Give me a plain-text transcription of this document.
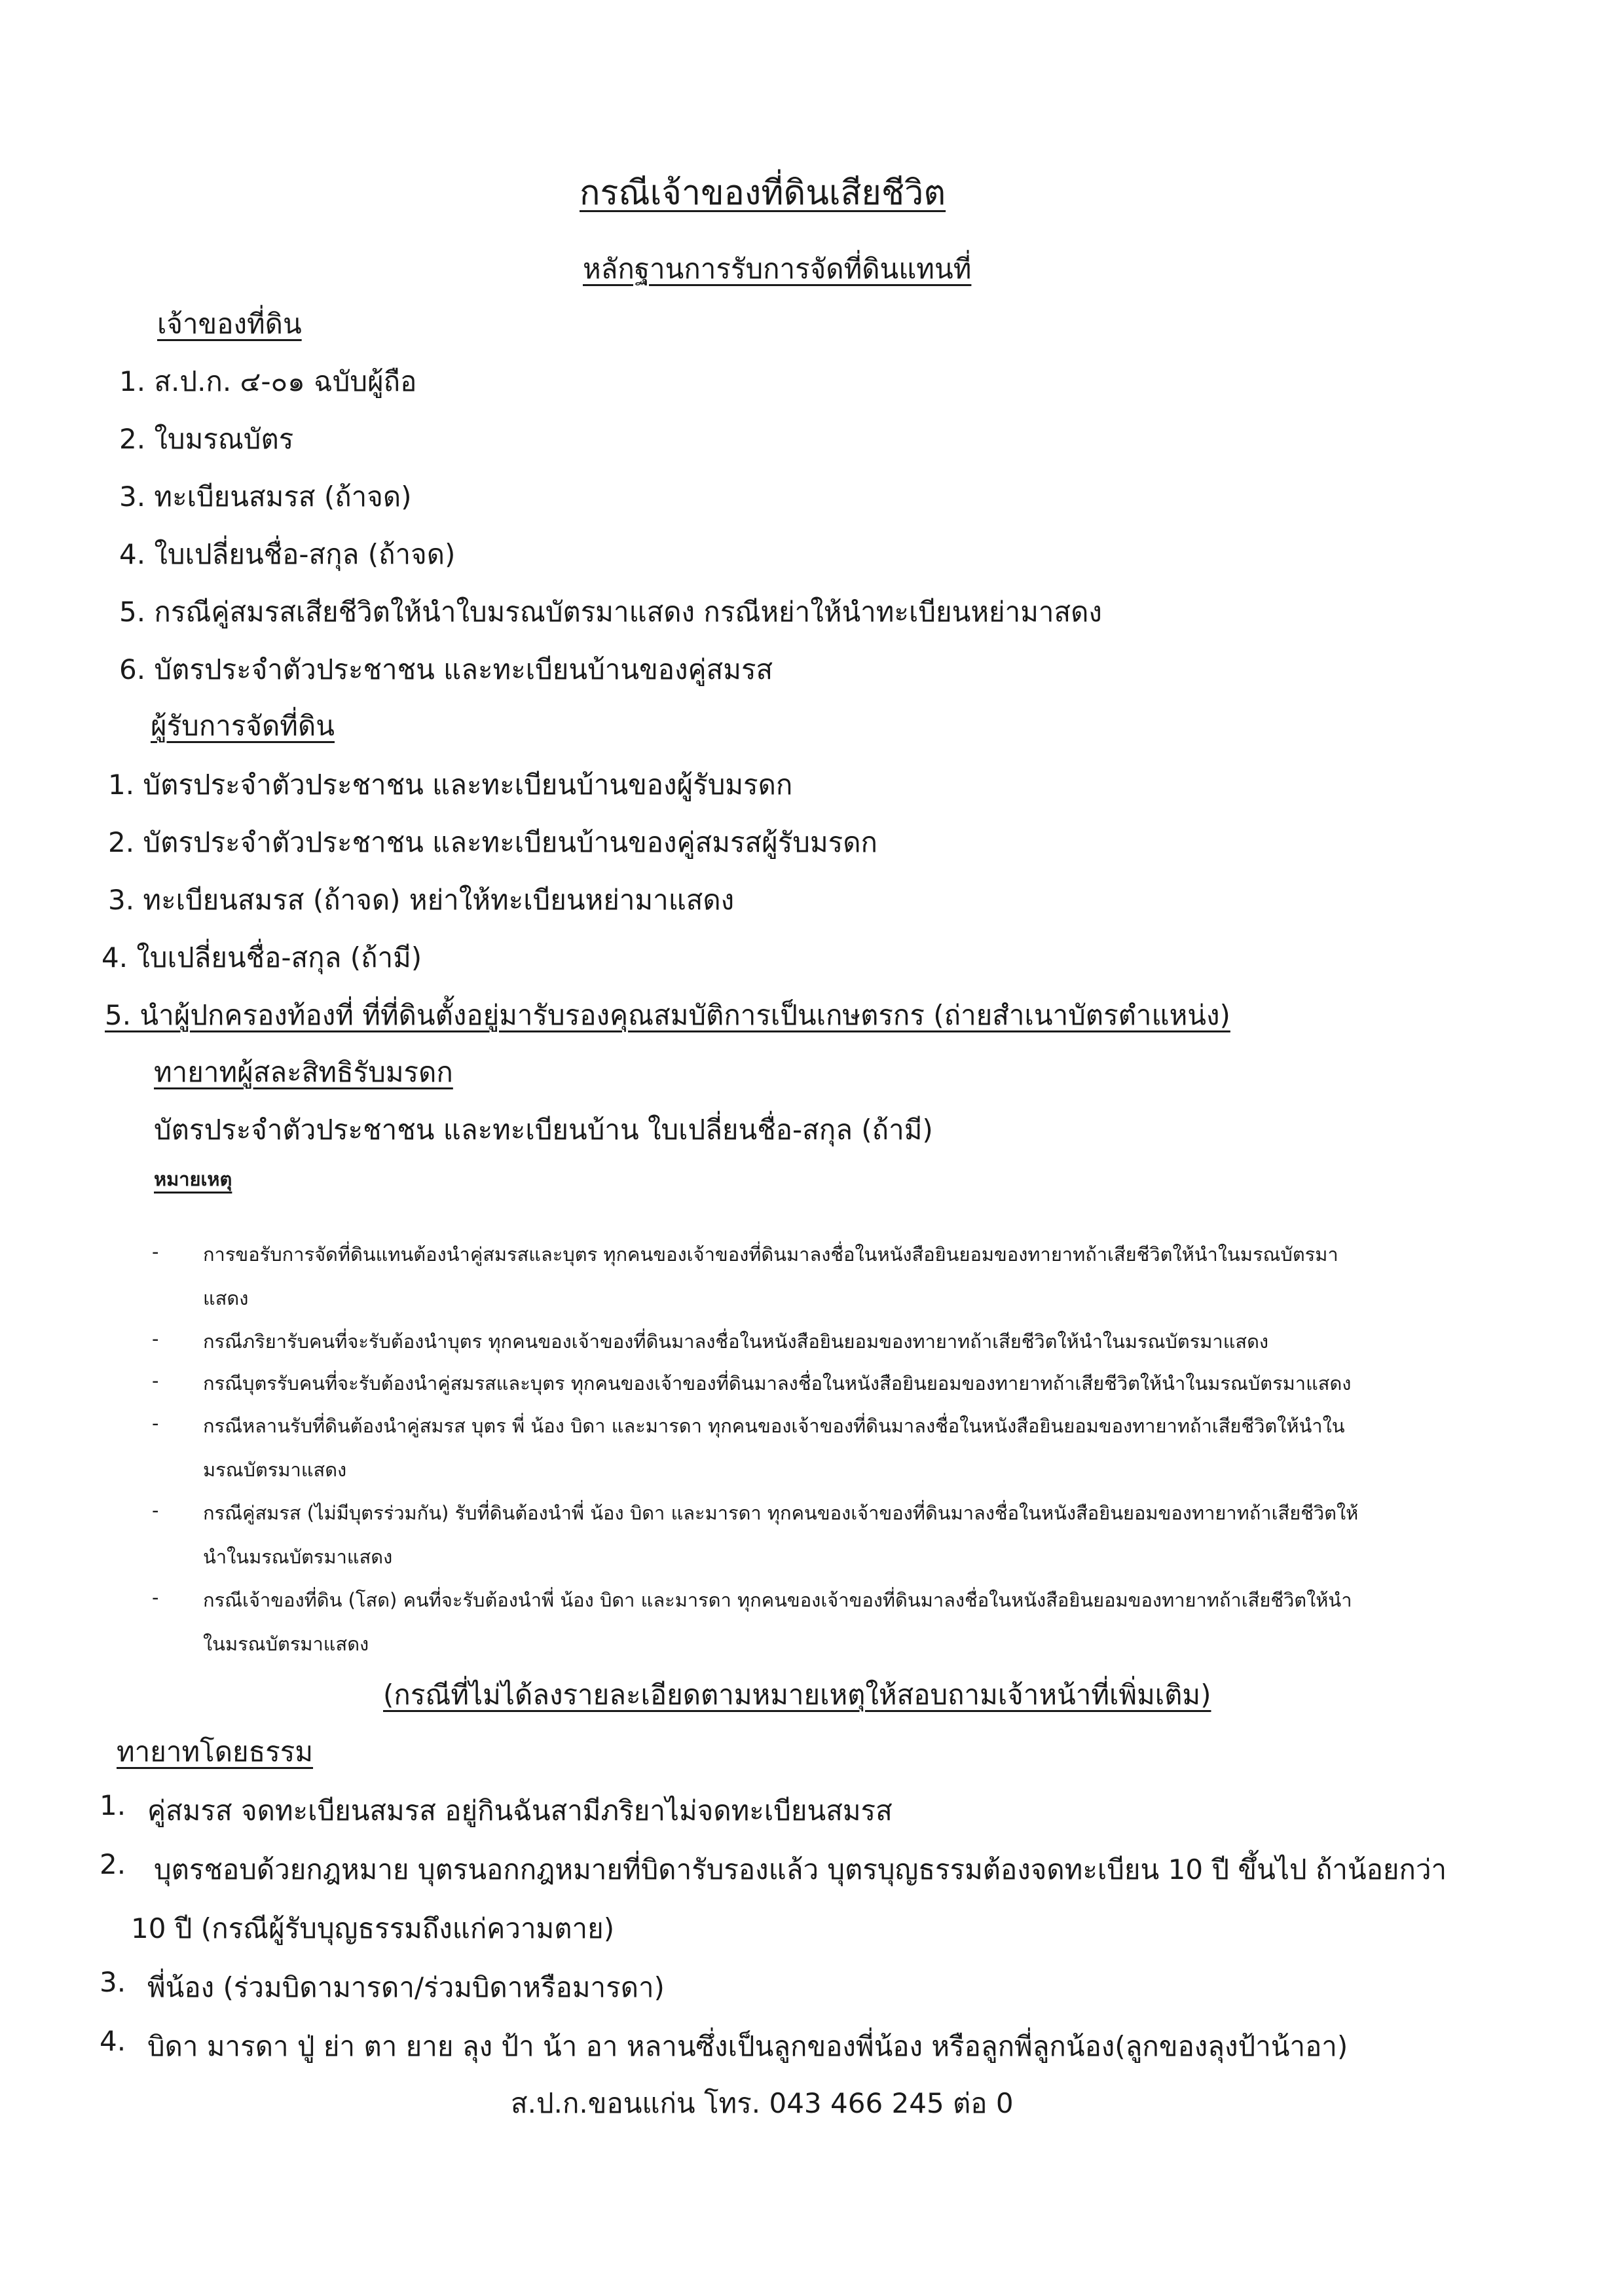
กรณีเจ้าของที่ดินเสียชีวิต
หลักฐานการรับการจัดที่ดินแทนที่
เจ้าของที่ดิน
1. ส.ป.ก. ๔-๐๑ ฉบับผู้ถือ
2. ใบมรณบัตร
3. ทะเบียนสมรส (ถ้าจด)
4. ใบเปลี่ยนชื่อ-สกุล (ถ้าจด)
5. กรณีคู่สมรสเสียชีวิตให้นำใบมรณบัตรมาแสดง กรณีหย่าให้นำทะเบียนหย่ามาสดง
6. บัตรประจำตัวประชาชน และทะเบียนบ้านของคู่สมรส
ผู้รับการจัดที่ดิน
1. บัตรประจำตัวประชาชน และทะเบียนบ้านของผู้รับมรดก
2. บัตรประจำตัวประชาชน และทะเบียนบ้านของคู่สมรสผู้รับมรดก
3. ทะเบียนสมรส (ถ้าจด) หย่าให้ทะเบียนหย่ามาแสดง
4. ใบเปลี่ยนชื่อ-สกุล (ถ้ามี)
5. นำผู้ปกครองท้องที่ ที่ที่ดินตั้งอยู่มารับรองคุณสมบัติการเป็นเกษตรกร (ถ่ายสำเนาบัตรตำแหน่ง)
ทายาทผู้สละสิทธิรับมรดก
บัตรประจำตัวประชาชน และทะเบียนบ้าน ใบเปลี่ยนชื่อ-สกุล (ถ้ามี)
หมายเหตุ
- การขอรับการจัดที่ดินแทนต้องนำคู่สมรสและบุตร ทุกคนของเจ้าของที่ดินมาลงชื่อในหนังสือยินยอมของทายาทถ้าเสียชีวิตให้นำในมรณบัตรมา
แสดง
- กรณีภริยารับคนที่จะรับต้องนำบุตร ทุกคนของเจ้าของที่ดินมาลงชื่อในหนังสือยินยอมของทายาทถ้าเสียชีวิตให้นำในมรณบัตรมาแสดง
- กรณีบุตรรับคนที่จะรับต้องนำคู่สมรสและบุตร ทุกคนของเจ้าของที่ดินมาลงชื่อในหนังสือยินยอมของทายาทถ้าเสียชีวิตให้นำในมรณบัตรมาแสดง
- กรณีหลานรับที่ดินต้องนำคู่สมรส บุตร พี่ น้อง บิดา และมารดา ทุกคนของเจ้าของที่ดินมาลงชื่อในหนังสือยินยอมของทายาทถ้าเสียชีวิตให้นำใน
มรณบัตรมาแสดง
- กรณีคู่สมรส (ไม่มีบุตรร่วมกัน) รับที่ดินต้องนำพี่ น้อง บิดา และมารดา ทุกคนของเจ้าของที่ดินมาลงชื่อในหนังสือยินยอมของทายาทถ้าเสียชีวิตให้
นำในมรณบัตรมาแสดง
- กรณีเจ้าของที่ดิน (โสด) คนที่จะรับต้องนำพี่ น้อง บิดา และมารดา ทุกคนของเจ้าของที่ดินมาลงชื่อในหนังสือยินยอมของทายาทถ้าเสียชีวิตให้นำ
ในมรณบัตรมาแสดง
(กรณีที่ไม่ได้ลงรายละเอียดตามหมายเหตุให้สอบถามเจ้าหน้าที่เพิ่มเติม)
ทายาทโดยธรรม
1. คู่สมรส จดทะเบียนสมรส อยู่กินฉันสามีภริยาไม่จดทะเบียนสมรส
2. บุตรชอบด้วยกฎหมาย บุตรนอกกฎหมายที่บิดารับรองแล้ว บุตรบุญธรรมต้องจดทะเบียน 10 ปี ขึ้นไป ถ้าน้อยกว่า
10 ปี (กรณีผู้รับบุญธรรมถึงแก่ความตาย)
3. พี่น้อง (ร่วมบิดามารดา/ร่วมบิดาหรือมารดา)
4. บิดา มารดา ปู่ ย่า ตา ยาย ลุง ป้า น้า อา หลานซึ่งเป็นลูกของพี่น้อง หรือลูกพี่ลูกน้อง(ลูกของลุงป้าน้าอา)
ส.ป.ก.ขอนแก่น โทร. 043 466 245 ต่อ 0
